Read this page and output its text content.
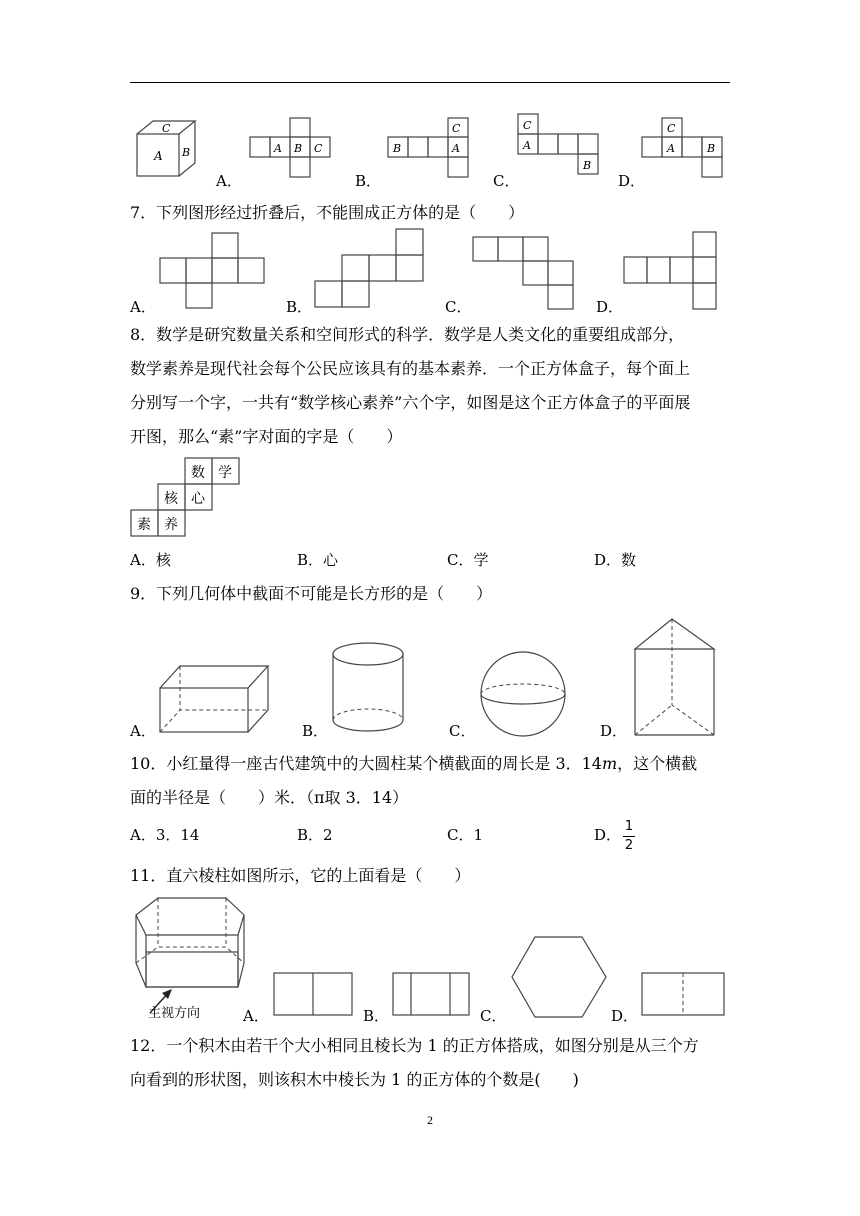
C
A B	A B C	B
C
A
C
A
B
C
A	B
A．	B．	C．	D．
7．下列图形经过折叠后，不能围成正方体的是（　　）
A．	B．	C．	D．
8．数学是研究数量关系和空间形式的科学．数学是人类文化的重要组成部分，
数学素养是现代社会每个公民应该具有的基本素养．一个正方体盒子，每个面上
分别写一个字，一共有“数学核心素养”六个字，如图是这个正方体盒子的平面展
开图，那么“素”字对面的字是（　　）
数 学
核 心
素 养
A．核	B．心	C．学	D．数
9．下列几何体中截面不可能是长方形的是（　　）
A．	B．	C．	D．
10．小红量得一座古代建筑中的大圆柱某个横截面的周长是 3．14m，这个横截
面的半径是（　　）米．（π取 3．14）
A．3．14	B．2	C．1	D． 1
2
11．直六棱柱如图所示，它的上面看是（　　）
主视方向	A．	B．	C．	D．
12．一个积木由若干个大小相同且棱长为 1 的正方体搭成，如图分别是从三个方
向看到的形状图，则该积木中棱长为 1 的正方体的个数是(　　)
2
